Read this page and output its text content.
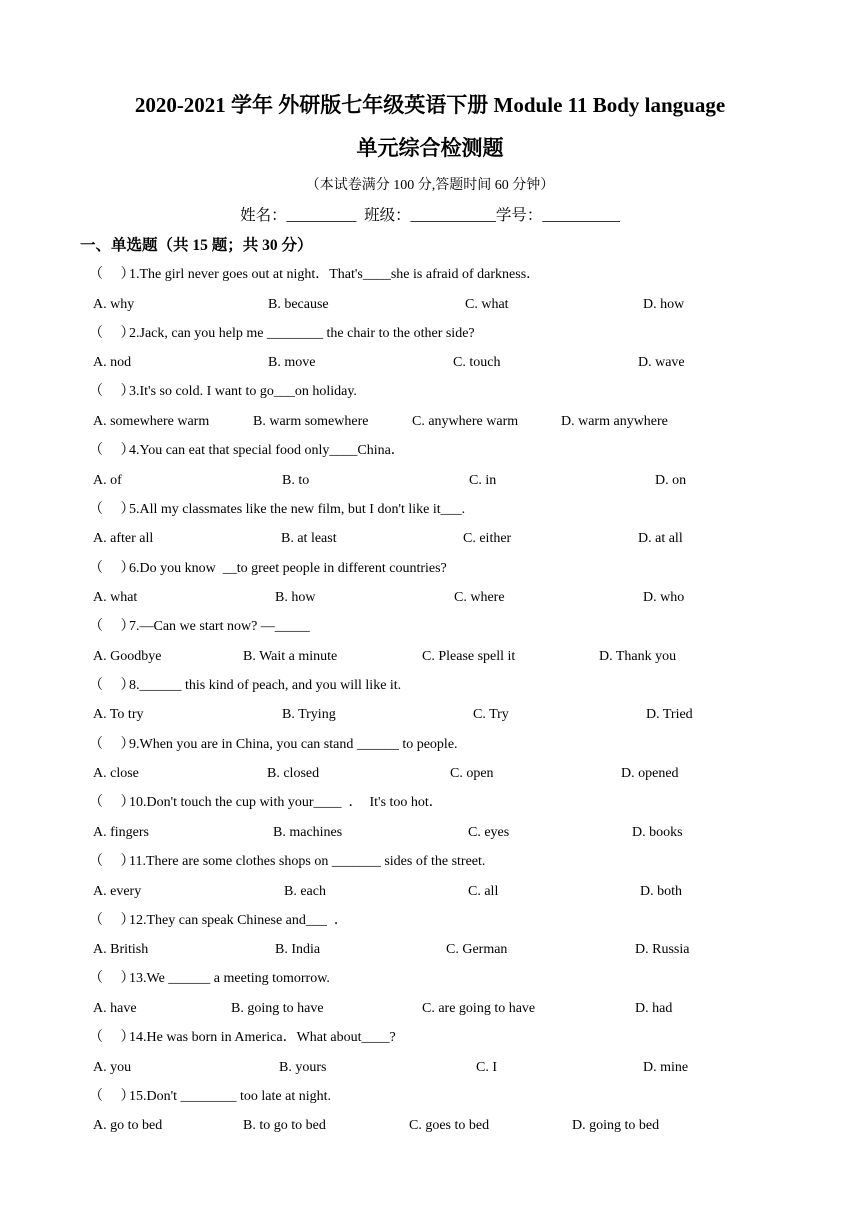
2020-2021 学年 外研版七年级英语下册 Module 11 Body language
单元综合检测题
（本试卷满分 100 分,答题时间 60 分钟）
姓名：_________  班级：___________学号：__________
一、单选题（共 15 题；共 30 分）
（     ）1.The girl never goes out at night．That's____she is afraid of darkness．
A. why	B. because	C. what	D. how
（     ）2.Jack, can you help me ________ the chair to the other side?
A. nod	B. move	C. touch	D. wave
（     ）3.It's so cold. I want to go___on holiday.
A. somewhere warm	B. warm somewhere	C. anywhere warm	D. warm anywhere
（     ）4.You can eat that special food only____China．
A. of	B. to	C. in	D. on
（     ）5.All my classmates like the new film, but I don't like it___.
A. after all	B. at least	C. either	D. at all
（     ）6.Do you know  __to greet people in different countries?
A. what	B. how	C. where	D. who
（     ）7.—Can we start now? —_____
A. Goodbye	B. Wait a minute	C. Please spell it	D. Thank you
（     ）8.______ this kind of peach, and you will like it.
A. To try	B. Trying	C. Try	D. Tried
（     ）9.When you are in China, you can stand ______ to people.
A. close	B. closed	C. open	D. opened
（     ）10.Don't touch the cup with your____  ．  It's too hot．
A. fingers	B. machines	C. eyes	D. books
（     ）11.There are some clothes shops on _______ sides of the street.
A. every	B. each	C. all	D. both
（     ）12.They can speak Chinese and___  ．
A. British	B. India	C. German	D. Russia
（     ）13.We ______ a meeting tomorrow.
A. have	B. going to have	C. are going to have	D. had
（     ）14.He was born in America．What about____?
A. you	B. yours	C. I	D. mine
（     ）15.Don't ________ too late at night.
A. go to bed	B. to go to bed	C. goes to bed	D. going to bed
